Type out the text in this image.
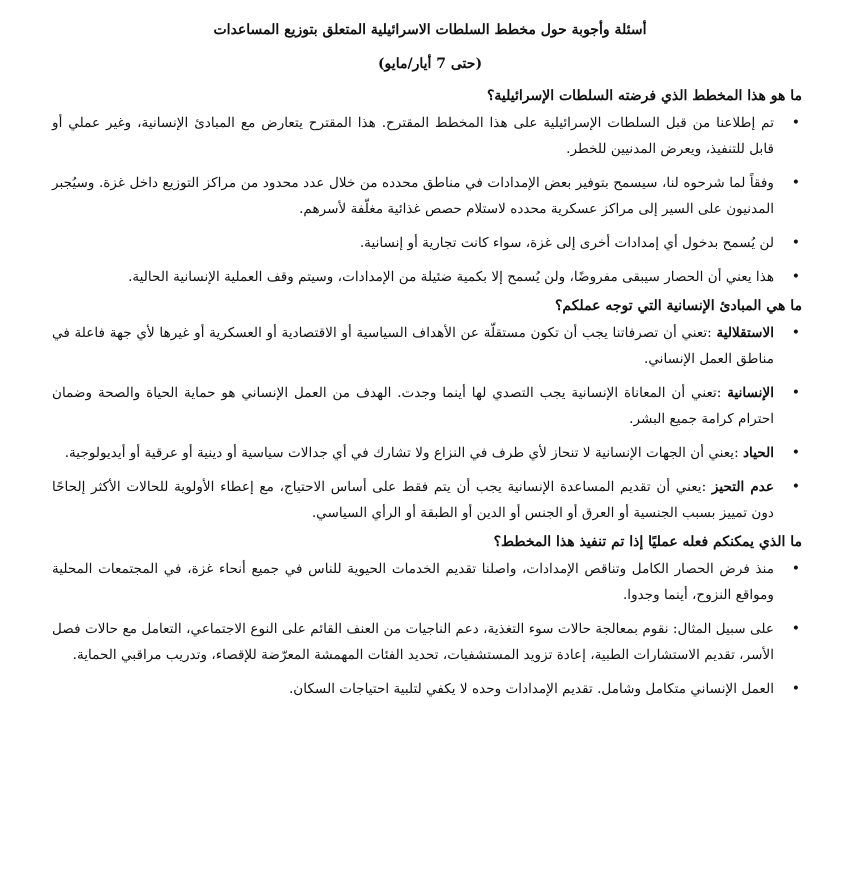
أسئلة وأجوبة حول مخطط السلطات الاسرائيلية المتعلق بتوزيع المساعدات
(حتى 7 أيار/مايو)
ما هو هذا المخطط الذي فرضته السلطات الإسرائيلية؟
•
تم إطلاعنا من قبل السلطات الإسرائيلية على هذا المخطط المقترح. هذا المقترح يتعارض مع المبادئ الإنسانية، وغير عملي أو قابل للتنفيذ، ويعرض المدنيين للخطر.
•
وفقاً لما شرحوه لنا، سيسمح بتوفير بعض الإمدادات في مناطق محدده من خلال عدد محدود من مراكز التوزيع داخل غزة. وسيُجبر المدنيون على السير إلى مراكز عسكرية محدده لاستلام حصص غذائية مغلّفة لأسرهم.
•
لن يُسمح بدخول أي إمدادات أخرى إلى غزة، سواء كانت تجارية أو إنسانية.
•
هذا يعني أن الحصار سيبقى مفروضًا، ولن يُسمح إلا بكمية ضئيلة من الإمدادات، وسيتم وقف العملية الإنسانية الحالية.
ما هي المبادئ الإنسانية التي توجه عملكم؟
•
الاستقلالية :تعني أن تصرفاتنا يجب أن تكون مستقلّة عن الأهداف السياسية أو الاقتصادية أو العسكرية أو غيرها لأي جهة فاعلة في مناطق العمل الإنساني.
•
الإنسانية :تعني أن المعاناة الإنسانية يجب التصدي لها أينما وجدت. الهدف من العمل الإنساني هو حماية الحياة والصحة وضمان احترام كرامة جميع البشر.
•
الحياد :يعني أن الجهات الإنسانية لا تنحاز لأي طرف في النزاع ولا تشارك في أي جدالات سياسية أو دينية أو عرقية أو أيديولوجية.
•
عدم التحيز :يعني أن تقديم المساعدة الإنسانية يجب أن يتم فقط على أساس الاحتياج، مع إعطاء الأولوية للحالات الأكثر إلحاحًا دون تمييز بسبب الجنسية أو العرق أو الجنس أو الدين أو الطبقة أو الرأي السياسي.
ما الذي يمكنكم فعله عمليًا إذا تم تنفيذ هذا المخطط؟
•
منذ فرض الحصار الكامل وتناقص الإمدادات، واصلنا تقديم الخدمات الحيوية للناس في جميع أنحاء غزة، في المجتمعات المحلية ومواقع النزوح، أينما وجدوا.
•
على سبيل المثال: نقوم بمعالجة حالات سوء التغذية، دعم الناجيات من العنف القائم على النوع الاجتماعي، التعامل مع حالات فصل الأسر، تقديم الاستشارات الطبية، إعادة تزويد المستشفيات، تحديد الفئات المهمشة المعرّضة للإقصاء، وتدريب مراقبي الحماية.
•
العمل الإنساني متكامل وشامل. تقديم الإمدادات وحده لا يكفي لتلبية احتياجات السكان.
